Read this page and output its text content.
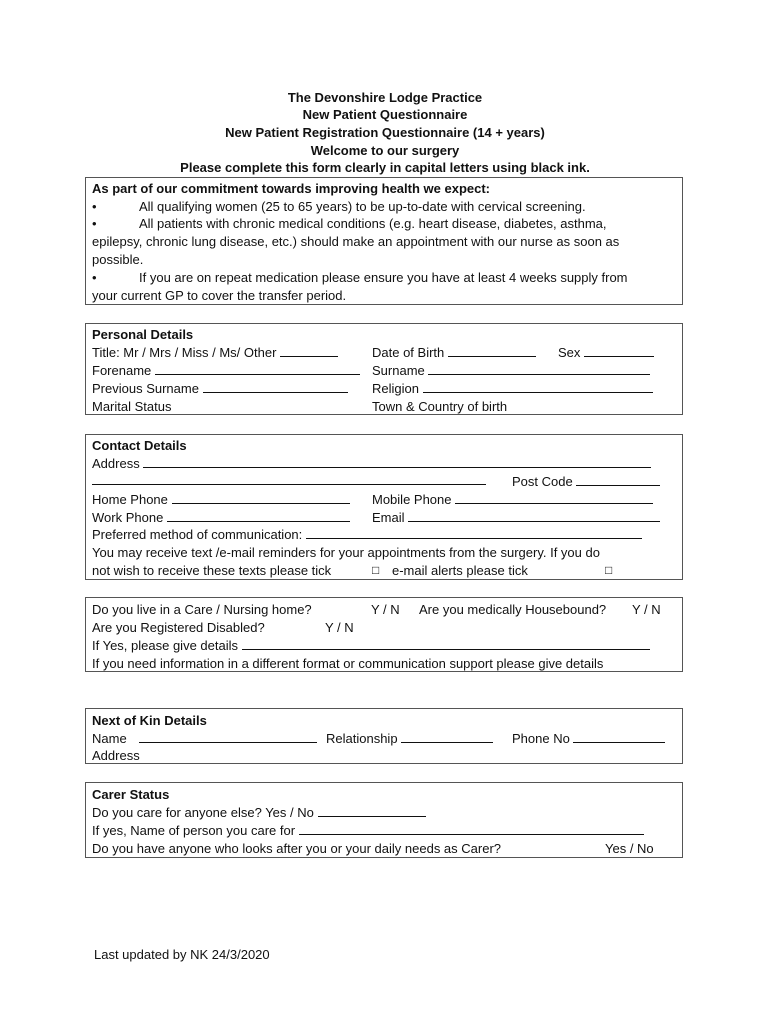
The Devonshire Lodge Practice
New Patient Questionnaire
New Patient Registration Questionnaire (14 + years)
Welcome to our surgery
Please complete this form clearly in capital letters using black ink.
As part of our commitment towards improving health we expect:
•	All qualifying women (25 to 65 years) to be up-to-date with cervical screening.
•	All patients with chronic medical conditions (e.g. heart disease, diabetes, asthma,
epilepsy, chronic lung disease, etc.) should make an appointment with our nurse as soon as
possible.
•	If you are on repeat medication please ensure you have at least 4 weeks supply from
your current GP to cover the transfer period.
Personal Details
Title: Mr / Mrs / Miss / Ms/ Other	Date of Birth	Sex
Forename	Surname
Previous Surname	Religion
Marital Status	Town & Country of birth
Contact Details
Address
Post Code
Home Phone	Mobile Phone
Work Phone	Email
Preferred method of communication:
You may receive text /e-mail reminders for your appointments from the surgery. If you do
not wish to receive these texts please tick	□ e-mail alerts please tick	□
Do you live in a Care / Nursing home?	Y / N Are you medically Housebound? Y / N
Are you Registered Disabled?	Y / N
If Yes, please give details
If you need information in a different format or communication support please give details
Next of Kin Details
Name	Relationship	Phone No
Address
Carer Status
Do you care for anyone else? Yes / No
If yes, Name of person you care for
Do you have anyone who looks after you or your daily needs as Carer?	Yes / No
Last updated by NK 24/3/2020
